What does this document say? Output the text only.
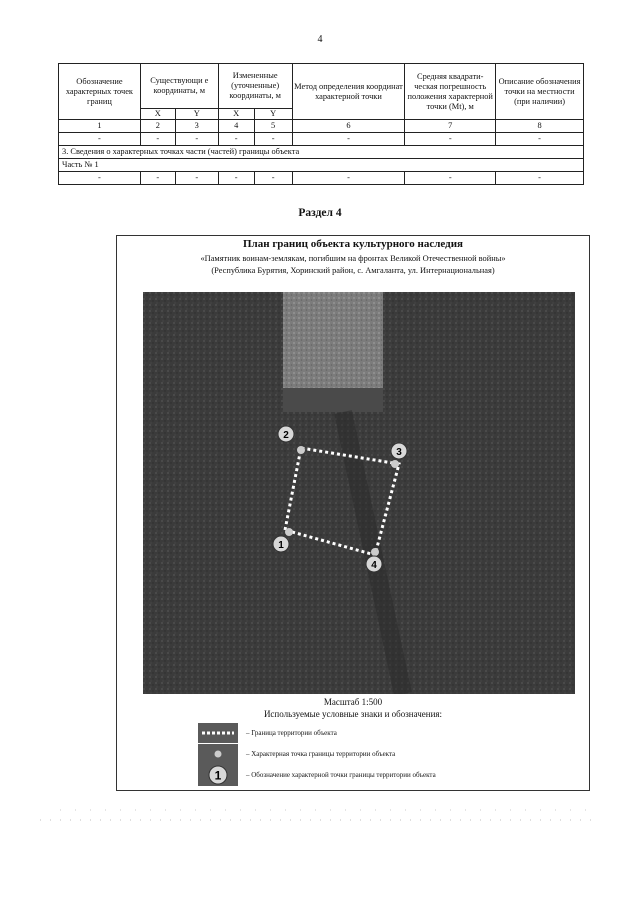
4
Обозначение характерных точек границ	Существующи е координаты, м		Измененные (уточненные) координаты, м		Метод определения координат характерной точки	Средняя квадрати-ческая погрешность положения характерной точки (Mt), м	Описание обозначения точки на местности (при наличии)
	X	Y	X	Y			
1	2	3	4	5	6	7	8
-	-	-	-	-	-	-	-
3. Сведения о характерных точках части (частей) границы объекта							
Часть № 1							
-	-	-	-	-	-	-	-
Раздел 4
План границ объекта культурного наследия
«Памятник воинам-землякам, погибшим на фронтах Великой Отечественной войны»
(Республика Бурятия, Хоринский район, с. Амгаланта, ул. Интернациональная)
1
2
3
4
Масштаб 1:500
Используемые условные знаки и обозначения:
– Граница территории объекта
– Характерная точка границы территории объекта
1	– Обозначение характерной точки границы территории объекта
